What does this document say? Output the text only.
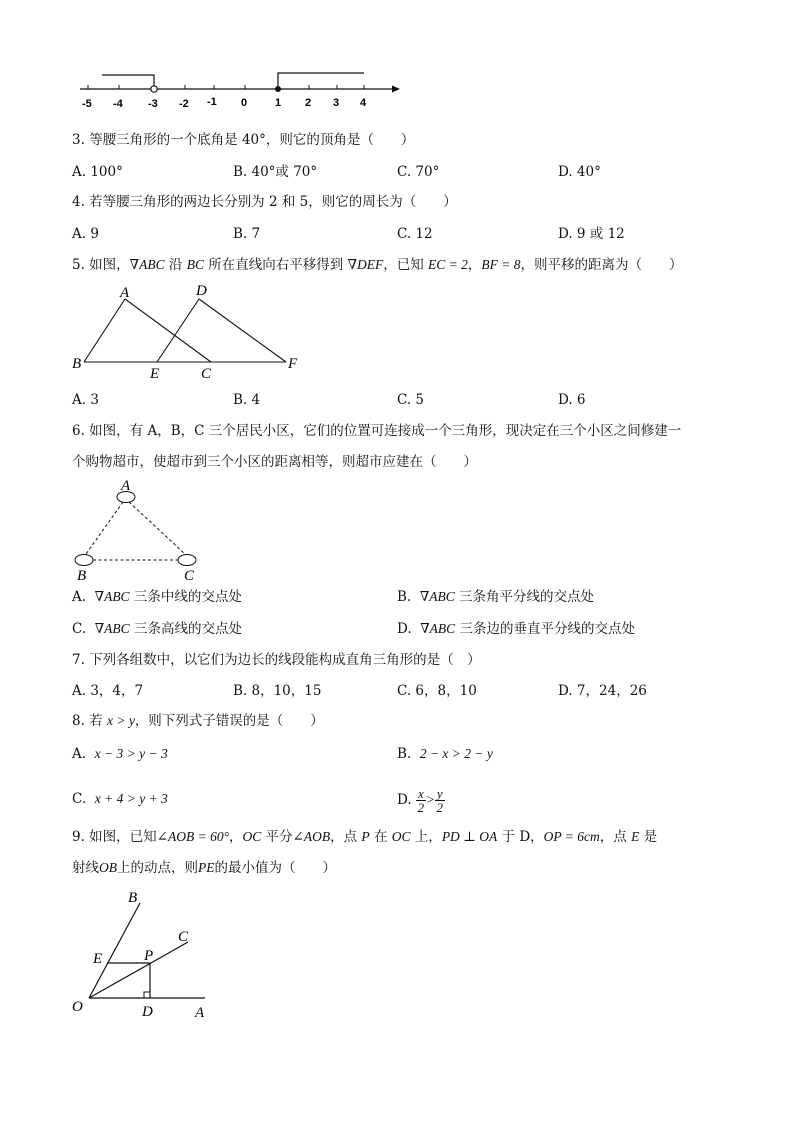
-5 -4 -3 -2 -1 0	1 2 3 4
3. 等腰三角形的一个底角是 40°，则它的顶角是（　　）
A. 100°	B. 40°或 70°	C. 70°	D. 40°
4. 若等腰三角形的两边长分别为 2 和 5，则它的周长为（　　）
A. 9	B. 7	C. 12	D. 9 或 12
5. 如图，∇ABC 沿 BC 所在直线向右平移得到 ∇DEF，已知 EC = 2，BF = 8，则平移的距离为（　　）
A	D
B
E	C
F
A. 3	B. 4	C. 5	D. 6
6. 如图，有 A，B，C 三个居民小区，它们的位置可连接成一个三角形，现决定在三个小区之间修建一
个购物超市，使超市到三个小区的距离相等，则超市应建在（　　）
A
B	C
A. ∇ABC 三条中线的交点处	B. ∇ABC 三条角平分线的交点处
C. ∇ABC 三条高线的交点处	D. ∇ABC 三条边的垂直平分线的交点处
7. 下列各组数中，以它们为边长的线段能构成直角三角形的是（　）
A. 3，4，7	B. 8，10，15	C. 6，8，10	D. 7，24，26
8. 若 x > y，则下列式子错误的是（　　）
A. x − 3 > y − 3	B. 2 − x > 2 − y
C. x + 4 > y + 3	D. $\frac{x}{2} > \frac{y}{2}$
9. 如图，已知∠AOB = 60°，OC 平分∠AOB，点 P 在 OC 上，PD ⊥ OA 于 D，OP = 6cm，点 E 是
射线OB上的动点，则PE的最小值为（　　）
B
C
E	P
O	D	A
